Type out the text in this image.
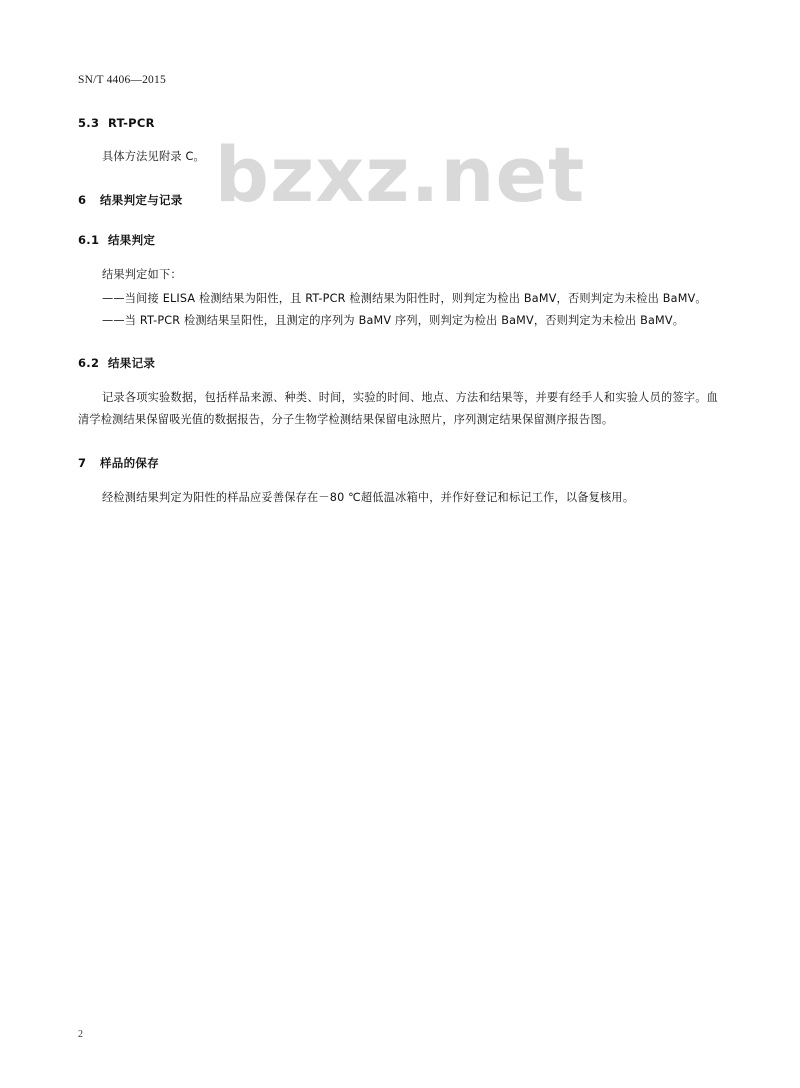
bzxz.net
SN/T 4406—2015
5.3 RT-PCR

具体方法见附录 C。

6 结果判定与记录
6.1 结果判定

结果判定如下：

——当间接 ELISA 检测结果为阳性，且 RT-PCR 检测结果为阳性时，则判定为检出 BaMV，否则判定为未检出 BaMV。

——当 RT-PCR 检测结果呈阳性，且测定的序列为 BaMV 序列，则判定为检出 BaMV，否则判定为未检出 BaMV。

6.2 结果记录

记录各项实验数据，包括样品来源、种类、时间，实验的时间、地点、方法和结果等，并要有经手人和实验人员的签字。血清学检测结果保留吸光值的数据报告，分子生物学检测结果保留电泳照片，序列测定结果保留测序报告图。

7 样品的保存

经检测结果判定为阳性的样品应妥善保存在－80 ℃超低温冰箱中，并作好登记和标记工作，以备复核用。

2
